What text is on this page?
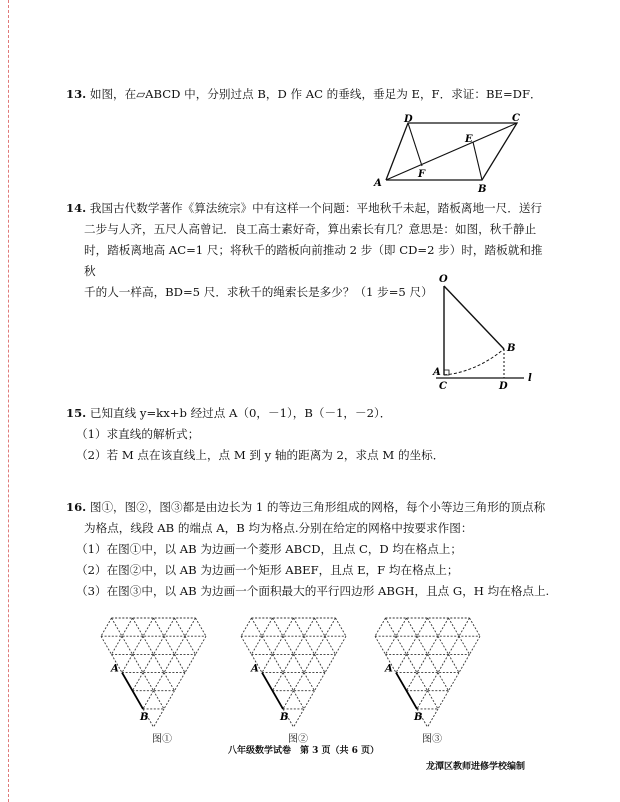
13. 如图，在▱ABCD 中，分别过点 B，D 作 AC 的垂线，垂足为 E，F．求证：BE=DF．
A
B
C
D
E
F
14. 我国古代数学著作《算法统宗》中有这样一个问题：平地秋千未起，踏板离地一尺．送行
二步与人齐，五尺人高曾记．良工高士素好奇，算出索长有几？意思是：如图，秋千静止
时，踏板离地高 AC=1 尺；将秋千的踏板向前推动 2 步（即 CD=2 步）时，踏板就和推秋
千的人一样高，BD=5 尺．求秋千的绳索长是多少？（1 步=5 尺）
O
B
A
C	D
l
15. 已知直线 y=kx+b 经过点 A（0，－1），B（－1，－2）．
（1）求直线的解析式；
（2）若 M 点在该直线上，点 M 到 y 轴的距离为 2，求点 M 的坐标．
16. 图①，图②，图③都是由边长为 1 的等边三角形组成的网格，每个小等边三角形的顶点称
为格点，线段 AB 的端点 A，B 均为格点.分别在给定的网格中按要求作图：
（1）在图①中，以 AB 为边画一个菱形 ABCD，且点 C，D 均在格点上；
（2）在图②中，以 AB 为边画一个矩形 ABEF，且点 E，F 均在格点上；
（3）在图③中，以 AB 为边画一个面积最大的平行四边形 ABGH，且点 G，H 均在格点上.
A
B
A
B
A
B
图①	图②	图③
八年级数学试卷　第 3 页（共 6 页）
龙潭区教师进修学校编制
